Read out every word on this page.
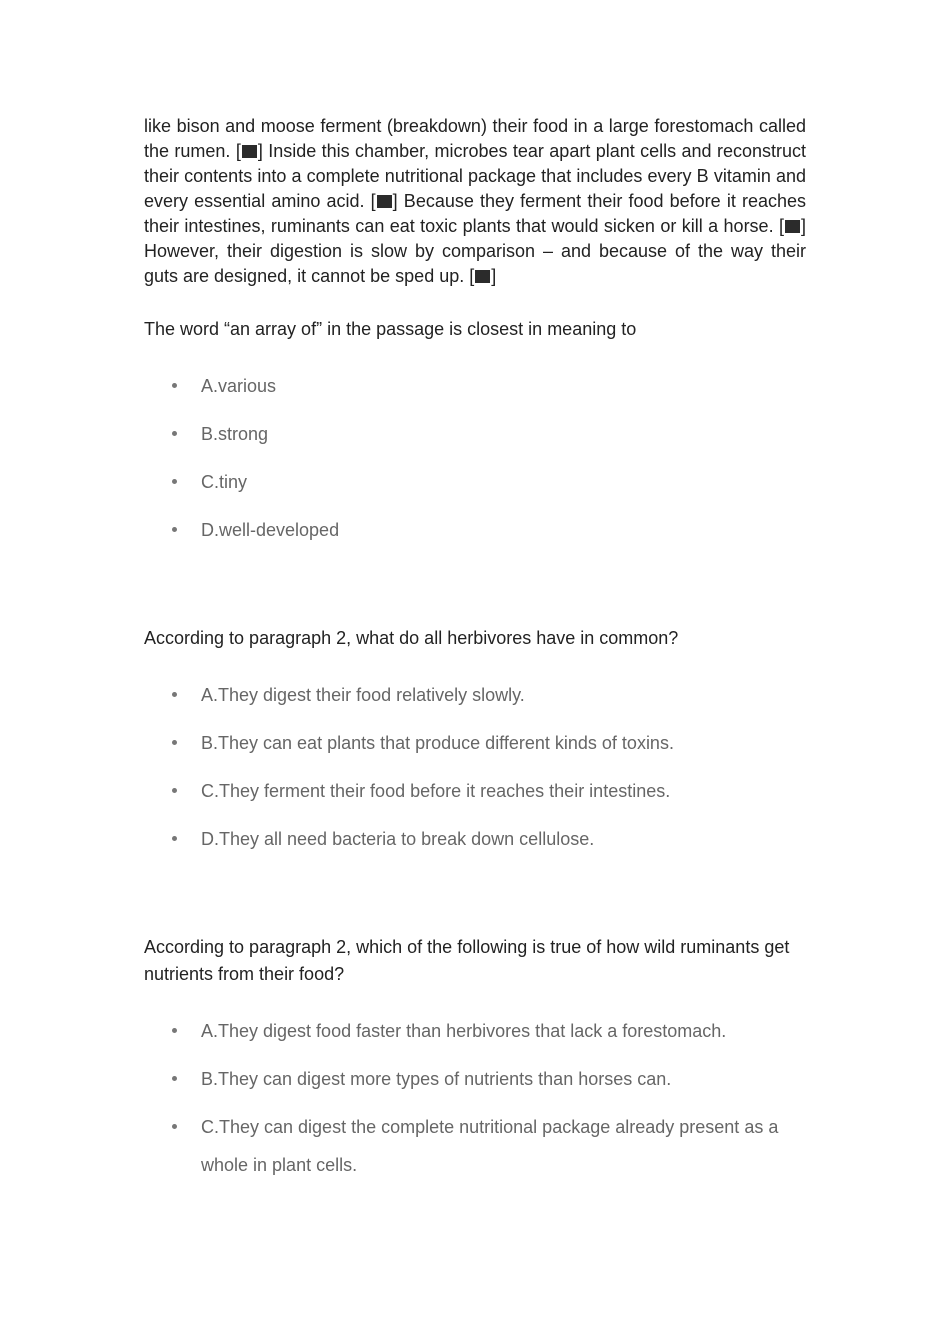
like bison and moose ferment (breakdown) their food in a large forestomach called the rumen. [ ] Inside this chamber, microbes tear apart plant cells and reconstruct their contents into a complete nutritional package that includes every B vitamin and every essential amino acid. [ ] Because they ferment their food before it reaches their intestines, ruminants can eat toxic plants that would sicken or kill a horse. [ ] However, their digestion is slow by comparison – and because of the way their guts are designed, it cannot be sped up. [ ]

The word “an array of” in the passage is closest in meaning to

A.various
B.strong
C.tiny
D.well-developed

According to paragraph 2, what do all herbivores have in common?

A.They digest their food relatively slowly.
B.They can eat plants that produce different kinds of toxins.
C.They ferment their food before it reaches their intestines.
D.They all need bacteria to break down cellulose.

According to paragraph 2, which of the following is true of how wild ruminants get nutrients from their food?

A.They digest food faster than herbivores that lack a forestomach.
B.They can digest more types of nutrients than horses can.
C.They can digest the complete nutritional package already present as a whole in plant cells.
